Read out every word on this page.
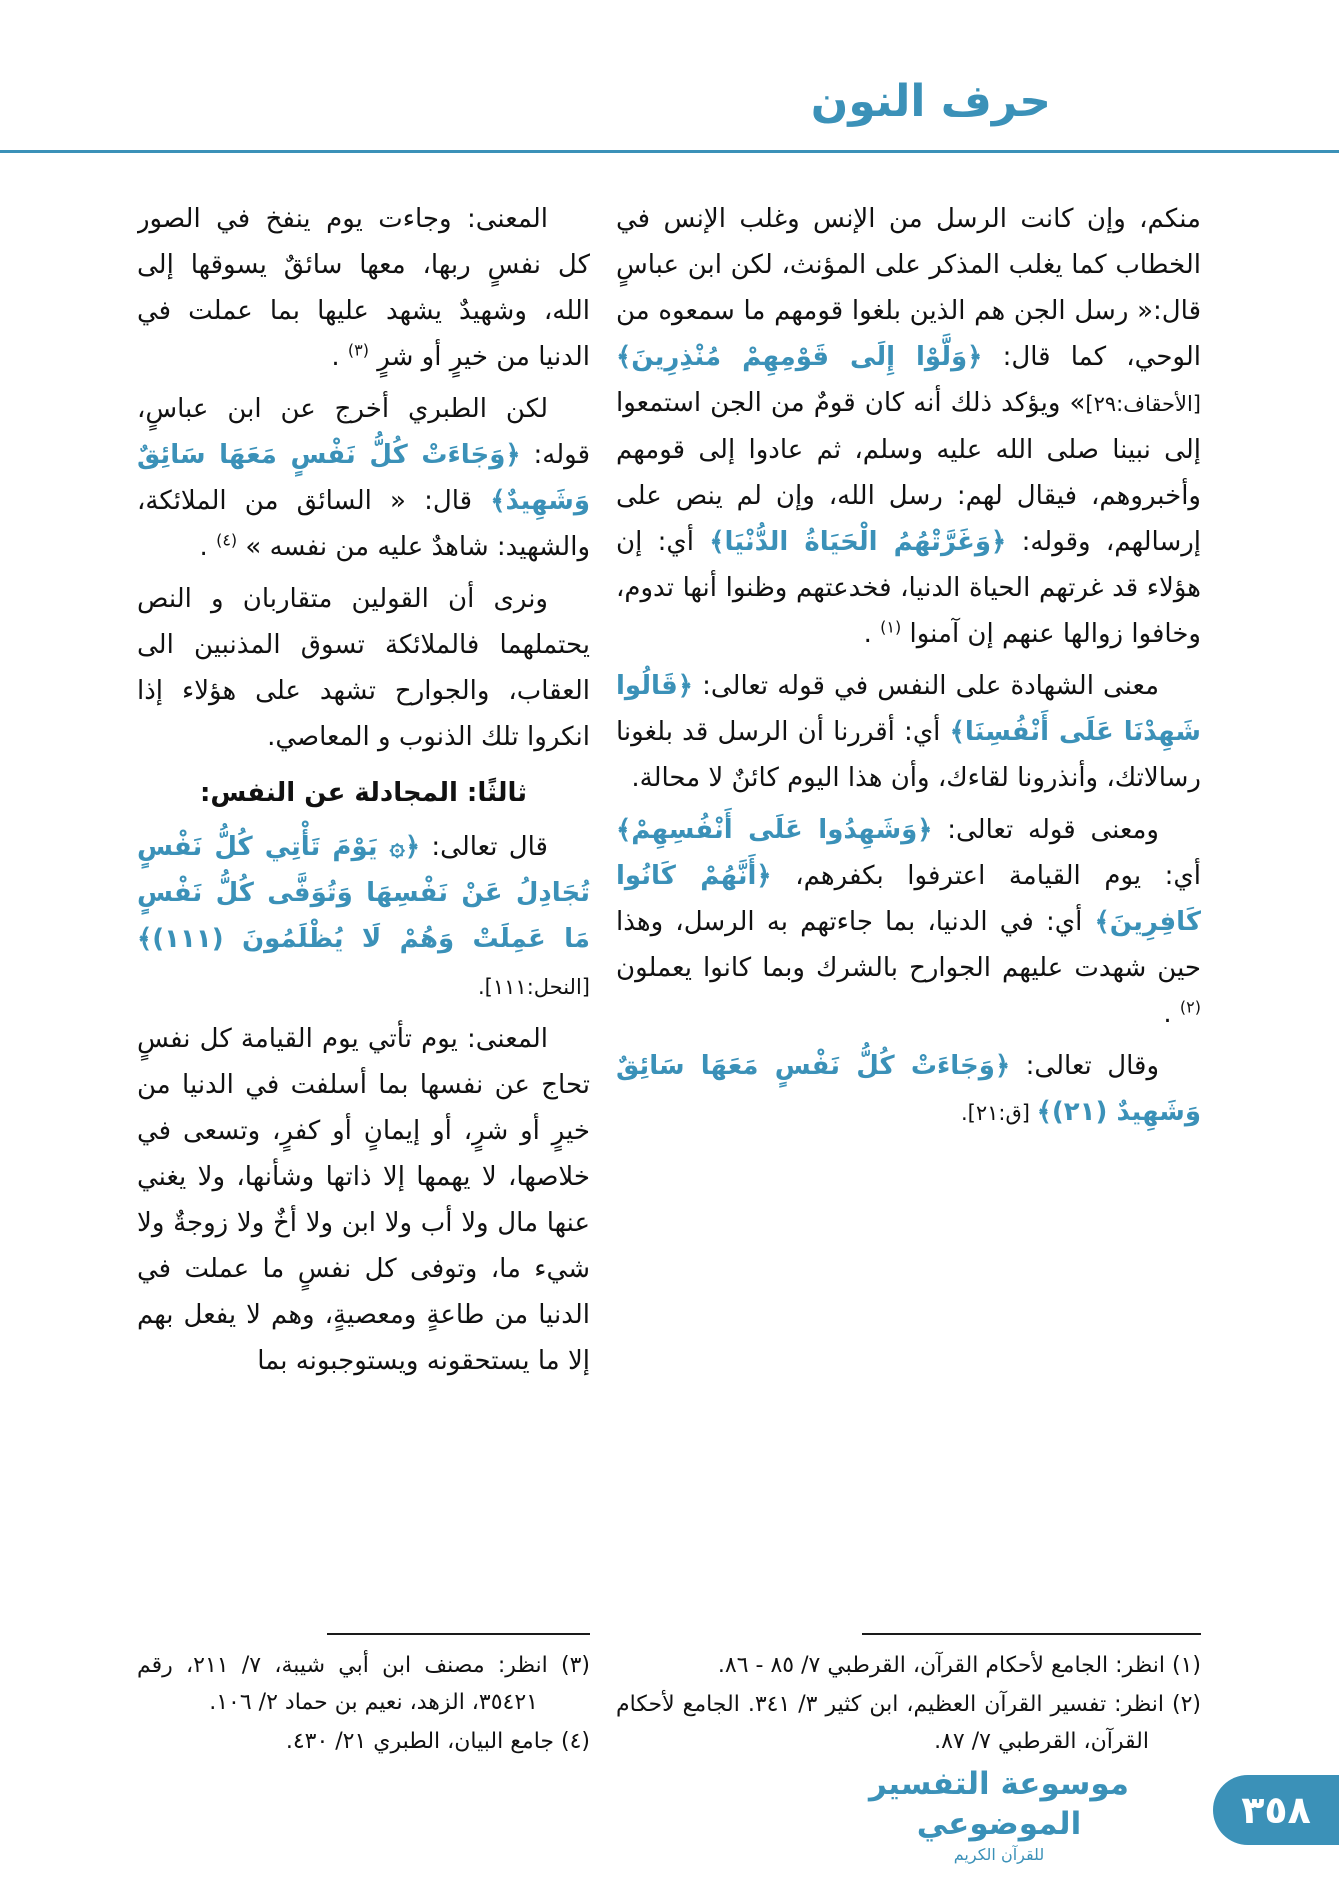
حرف النون
منكم، وإن كانت الرسل من الإنس وغلب الإنس في الخطاب كما يغلب المذكر على المؤنث، لكن ابن عباسٍ قال:« رسل الجن هم الذين بلغوا قومهم ما سمعوه من الوحي، كما قال: ﴿وَلَّوْا إِلَى قَوْمِهِمْ مُنْذِرِينَ﴾[الأحقاف:٢٩]» ويؤكد ذلك أنه كان قومٌ من الجن استمعوا إلى نبينا صلى الله عليه وسلم، ثم عادوا إلى قومهم وأخبروهم، فيقال لهم: رسل الله، وإن لم ينص على إرسالهم، وقوله: ﴿وَغَرَّتْهُمُ الْحَيَاةُ الدُّنْيَا﴾ أي: إن هؤلاء قد غرتهم الحياة الدنيا، فخدعتهم وظنوا أنها تدوم، وخافوا زوالها عنهم إن آمنوا $^{(١)}$ .
معنى الشهادة على النفس في قوله تعالى: ﴿قَالُوا شَهِدْنَا عَلَى أَنْفُسِنَا﴾ أي: أقررنا أن الرسل قد بلغونا رسالاتك، وأنذرونا لقاءك، وأن هذا اليوم كائنٌ لا محالة.
ومعنى قوله تعالى: ﴿وَشَهِدُوا عَلَى أَنْفُسِهِمْ﴾ أي: يوم القيامة اعترفوا بكفرهم، ﴿أَنَّهُمْ كَانُوا كَافِرِينَ﴾ أي: في الدنيا، بما جاءتهم به الرسل، وهذا حين شهدت عليهم الجوارح بالشرك وبما كانوا يعملون $^{(٢)}$ .
وقال تعالى: ﴿وَجَاءَتْ كُلُّ نَفْسٍ مَعَهَا سَائِقٌ وَشَهِيدٌ (٢١)﴾ [ق:٢١].
(١) انظر: الجامع لأحكام القرآن، القرطبي ٧/ ٨٥ - ٨٦.
(٢) انظر: تفسير القرآن العظيم، ابن كثير ٣/ ٣٤١. الجامع لأحكام القرآن، القرطبي ٧/ ٨٧.
المعنى: وجاءت يوم ينفخ في الصور كل نفسٍ ربها، معها سائقٌ يسوقها إلى الله، وشهيدٌ يشهد عليها بما عملت في الدنيا من خيرٍ أو شرٍ $^{(٣)}$ .
لكن الطبري أخرج عن ابن عباسٍ، قوله: ﴿وَجَاءَتْ كُلُّ نَفْسٍ مَعَهَا سَائِقٌ وَشَهِيدٌ﴾ قال: « السائق من الملائكة، والشهيد: شاهدٌ عليه من نفسه » $^{(٤)}$ .
ونرى أن القولين متقاربان و النص يحتملهما فالملائكة تسوق المذنبين الى العقاب، والجوارح تشهد على هؤلاء إذا انكروا تلك الذنوب و المعاصي.
ثالثًا: المجادلة عن النفس:
قال تعالى: ﴿۞ يَوْمَ تَأْتِي كُلُّ نَفْسٍ تُجَادِلُ عَنْ نَفْسِهَا وَتُوَفَّى كُلُّ نَفْسٍ مَا عَمِلَتْ وَهُمْ لَا يُظْلَمُونَ (١١١)﴾ [النحل:١١١].
المعنى: يوم تأتي يوم القيامة كل نفسٍ تحاج عن نفسها بما أسلفت في الدنيا من خيرٍ أو شرٍ، أو إيمانٍ أو كفرٍ، وتسعى في خلاصها، لا يهمها إلا ذاتها وشأنها، ولا يغني عنها مال ولا أب ولا ابن ولا أخٌ ولا زوجةٌ ولا شيء ما، وتوفى كل نفسٍ ما عملت في الدنيا من طاعةٍ ومعصيةٍ، وهم لا يفعل بهم إلا ما يستحقونه ويستوجبونه بما
(٣) انظر: مصنف ابن أبي شيبة، ٧/ ٢١١، رقم ٣٥٤٢١، الزهد، نعيم بن حماد ٢/ ١٠٦.
(٤) جامع البيان، الطبري ٢١/ ٤٣٠.
موسوعة التفسير الموضوعي
للقرآن الكريم
٣٥٨
